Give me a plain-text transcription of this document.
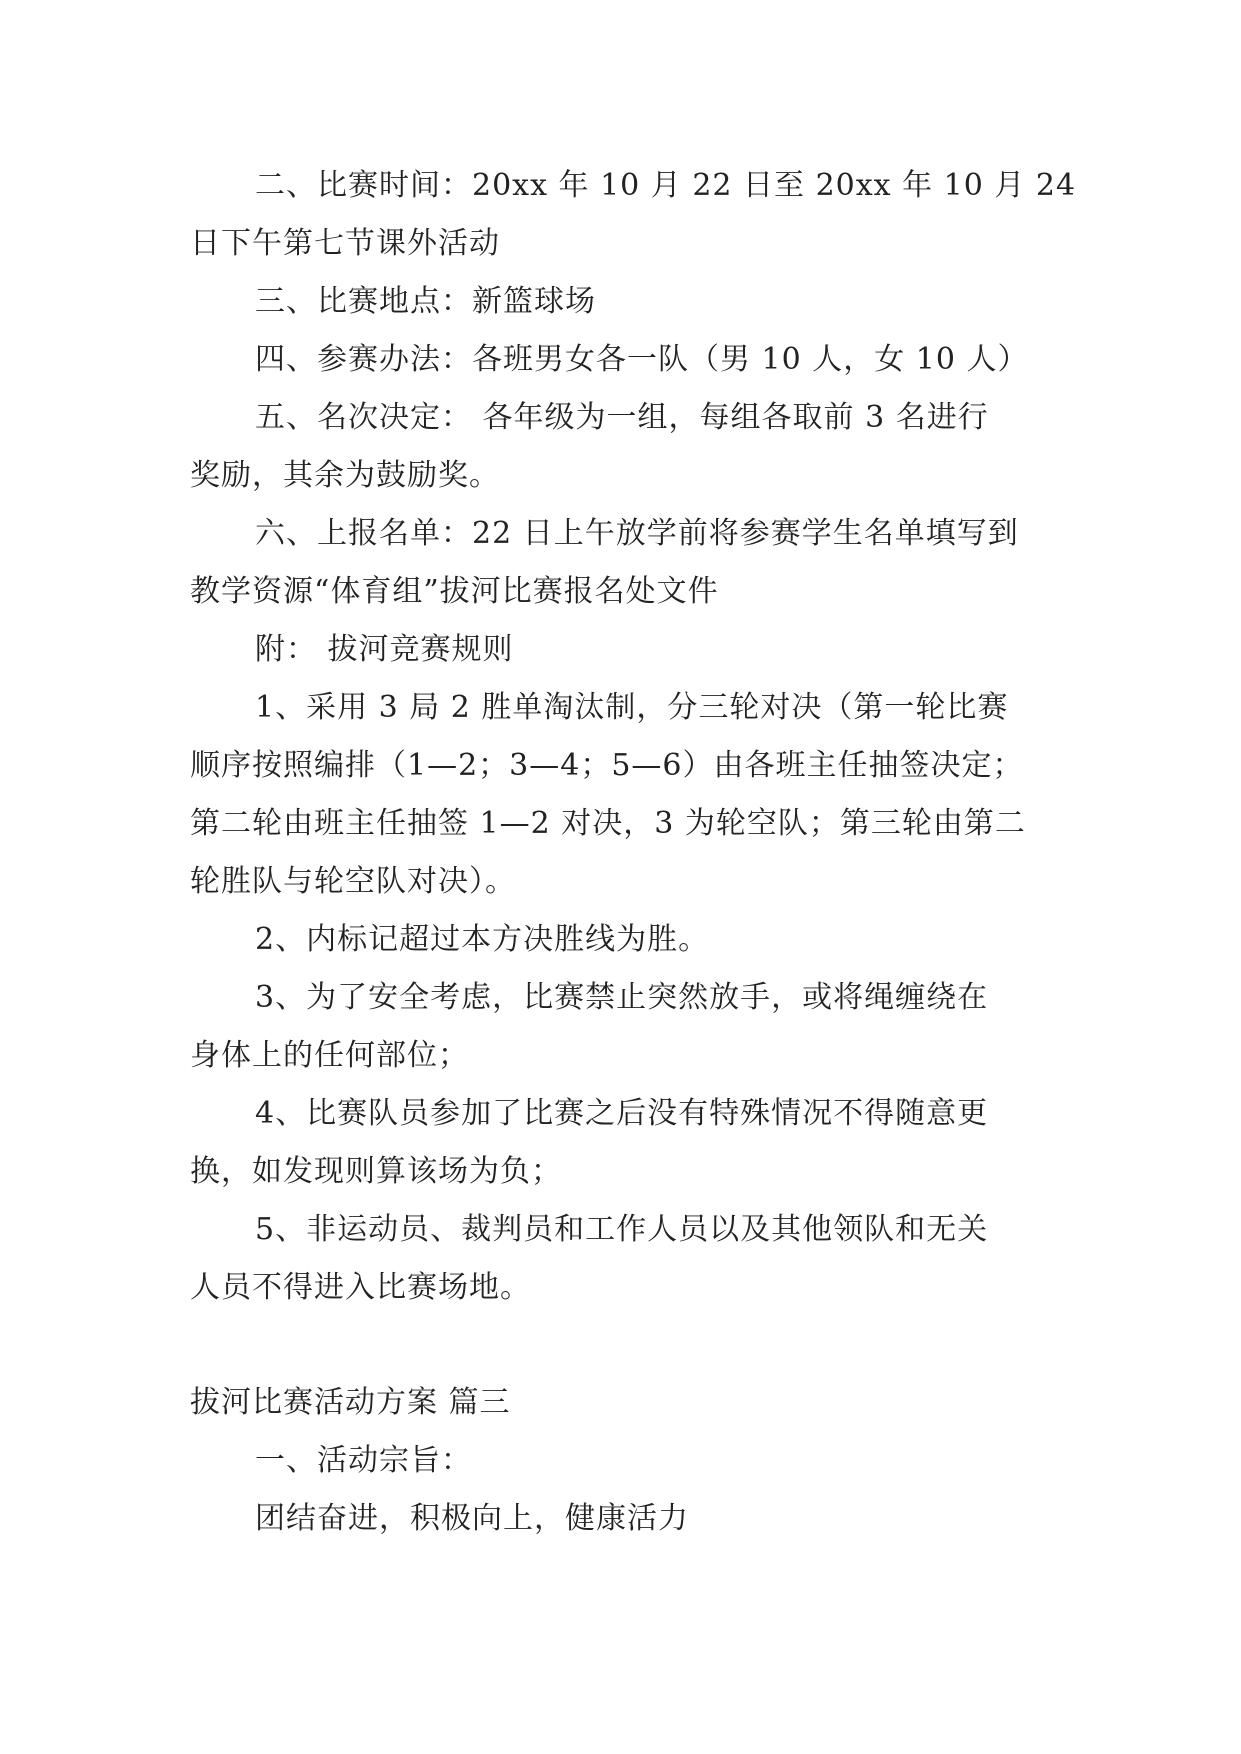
二、比赛时间：20xx 年 10 月 22 日至 20xx 年 10 月 24
日下午第七节课外活动
三、比赛地点：新篮球场
四、参赛办法：各班男女各一队（男 10 人，女 10 人）
五、名次决定： 各年级为一组，每组各取前 3 名进行
奖励，其余为鼓励奖。
六、上报名单：22 日上午放学前将参赛学生名单填写到
教学资源“体育组”拔河比赛报名处文件
附： 拔河竞赛规则
1、采用 3 局 2 胜单淘汰制，分三轮对决（第一轮比赛
顺序按照编排（1—2；3—4；5—6）由各班主任抽签决定；
第二轮由班主任抽签 1—2 对决，3 为轮空队；第三轮由第二
轮胜队与轮空队对决）。
2、内标记超过本方决胜线为胜。
3、为了安全考虑，比赛禁止突然放手，或将绳缠绕在
身体上的任何部位；
4、比赛队员参加了比赛之后没有特殊情况不得随意更
换，如发现则算该场为负；
5、非运动员、裁判员和工作人员以及其他领队和无关
人员不得进入比赛场地。
拔河比赛活动方案 篇三
一、活动宗旨：
团结奋进，积极向上，健康活力
